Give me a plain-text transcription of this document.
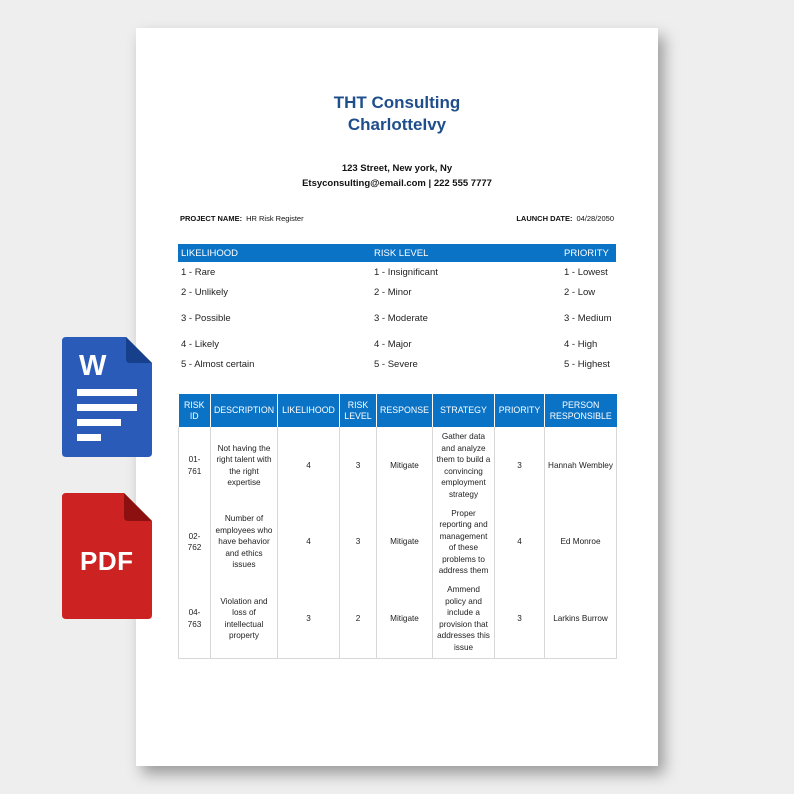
THT Consulting
CharlotteIvy
123 Street, New york, Ny
Etsyconsulting@email.com | 222 555 7777
PROJECT NAME: HR Risk Register	LAUNCH DATE: 04/28/2050
LIKELIHOOD	RISK LEVEL	PRIORITY
1 - Rare	1 - Insignificant	1 - Lowest
2 - Unlikely	2 - Minor	2 - Low
3 - Possible	3 - Moderate	3 - Medium
4 - Likely	4 - Major	4 - High
5 - Almost certain	5 - Severe	5 - Highest
RISK ID	DESCRIPTION	LIKELIHOOD	RISK LEVEL	RESPONSE	STRATEGY	PRIORITY	PERSON RESPONSIBLE
01-761	Not having the right talent with the right expertise	4	3	Mitigate	Gather data and analyze them to build a convincing employment strategy	3	Hannah Wembley
02-762	Number of employees who have behavior and ethics issues	4	3	Mitigate	Proper reporting and management of these problems to address them	4	Ed Monroe
04-763	Violation and loss of intellectual property	3	2	Mitigate	Ammend policy and include a provision that addresses this issue	3	Larkins Burrow
W
PDF
